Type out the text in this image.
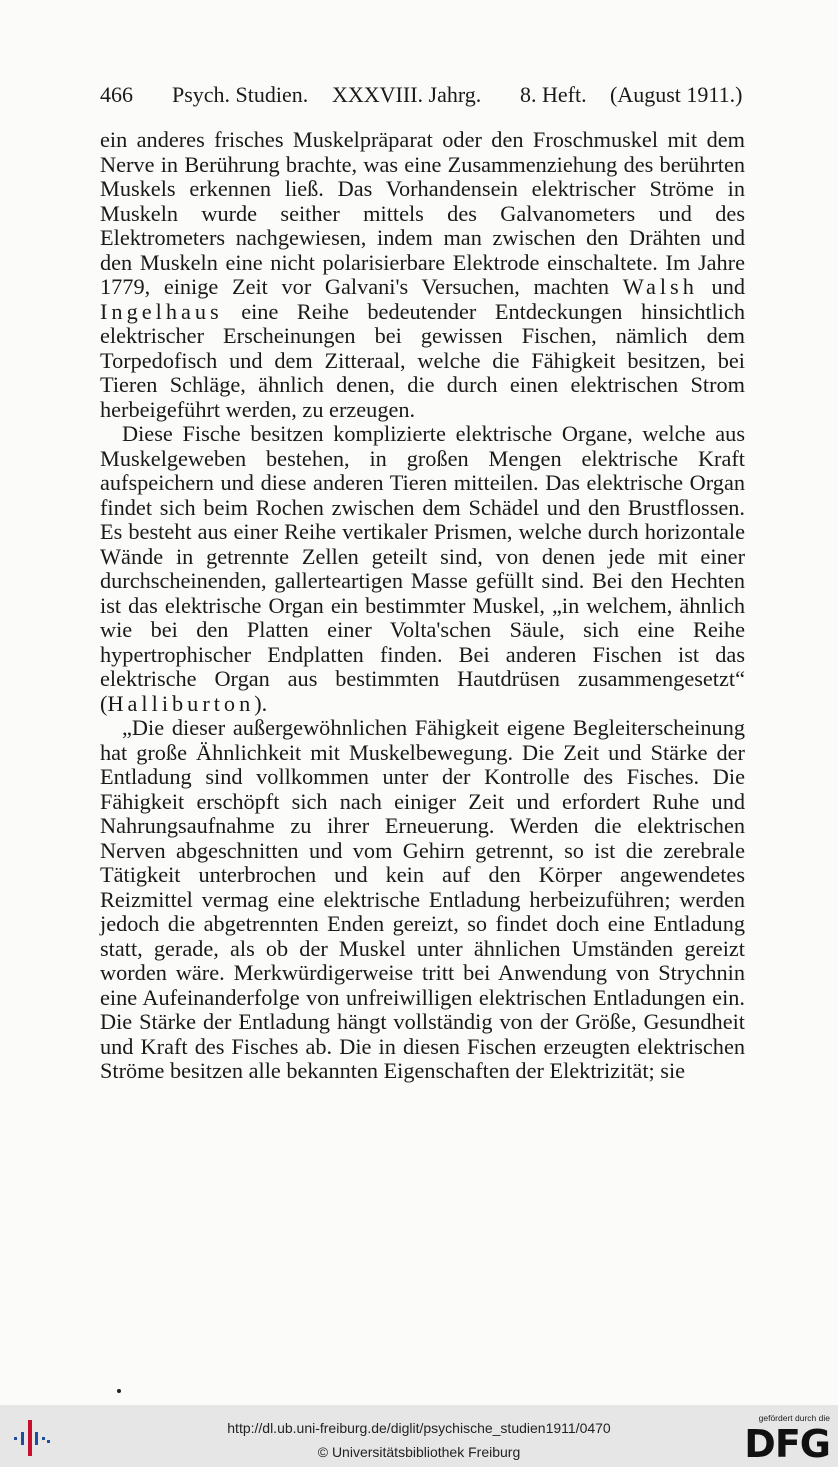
466 Psych. Studien. XXXVIII. Jahrg. 8. Heft. (August 1911.)

ein anderes frisches Muskelpräparat oder den Froschmuskel mit dem Nerve in Berührung brachte, was eine Zusammenziehung des berührten Muskels erkennen ließ. Das Vorhandensein elektrischer Ströme in Muskeln wurde seither mittels des Galvanometers und des Elektrometers nachgewiesen, indem man zwischen den Drähten und den Muskeln eine nicht polarisierbare Elektrode einschaltete. Im Jahre 1779, einige Zeit vor Galvani's Versuchen, machten Walsh und Ingelhaus eine Reihe bedeutender Entdeckungen hinsichtlich elektrischer Erscheinungen bei gewissen Fischen, nämlich dem Torpedofisch und dem Zitteraal, welche die Fähigkeit besitzen, bei Tieren Schläge, ähnlich denen, die durch einen elektrischen Strom herbeigeführt werden, zu erzeugen.

Diese Fische besitzen komplizierte elektrische Organe, welche aus Muskelgeweben bestehen, in großen Mengen elektrische Kraft aufspeichern und diese anderen Tieren mitteilen. Das elektrische Organ findet sich beim Rochen zwischen dem Schädel und den Brustflossen. Es besteht aus einer Reihe vertikaler Prismen, welche durch horizontale Wände in getrennte Zellen geteilt sind, von denen jede mit einer durchscheinenden, gallerteartigen Masse gefüllt sind. Bei den Hechten ist das elektrische Organ ein bestimmter Muskel, „in welchem, ähnlich wie bei den Platten einer Volta'schen Säule, sich eine Reihe hypertrophischer Endplatten finden. Bei anderen Fischen ist das elektrische Organ aus bestimmten Hautdrüsen zusammengesetzt“ (Halliburton).

„Die dieser außergewöhnlichen Fähigkeit eigene Begleiterscheinung hat große Ähnlichkeit mit Muskelbewegung. Die Zeit und Stärke der Entladung sind vollkommen unter der Kontrolle des Fisches. Die Fähigkeit erschöpft sich nach einiger Zeit und erfordert Ruhe und Nahrungsaufnahme zu ihrer Erneuerung. Werden die elektrischen Nerven abgeschnitten und vom Gehirn getrennt, so ist die zerebrale Tätigkeit unterbrochen und kein auf den Körper angewendetes Reizmittel vermag eine elektrische Entladung herbeizuführen; werden jedoch die abgetrennten Enden gereizt, so findet doch eine Entladung statt, gerade, als ob der Muskel unter ähnlichen Umständen gereizt worden wäre. Merkwürdigerweise tritt bei Anwendung von Strychnin eine Aufeinanderfolge von unfreiwilligen elektrischen Entladungen ein. Die Stärke der Entladung hängt vollständig von der Größe, Gesundheit und Kraft des Fisches ab. Die in diesen Fischen erzeugten elektrischen Ströme besitzen alle bekannten Eigenschaften der Elektrizität; sie

http://dl.ub.uni-freiburg.de/diglit/psychische_studien1911/0470
© Universitätsbibliothek Freiburg
gefördert durch die
DFG
